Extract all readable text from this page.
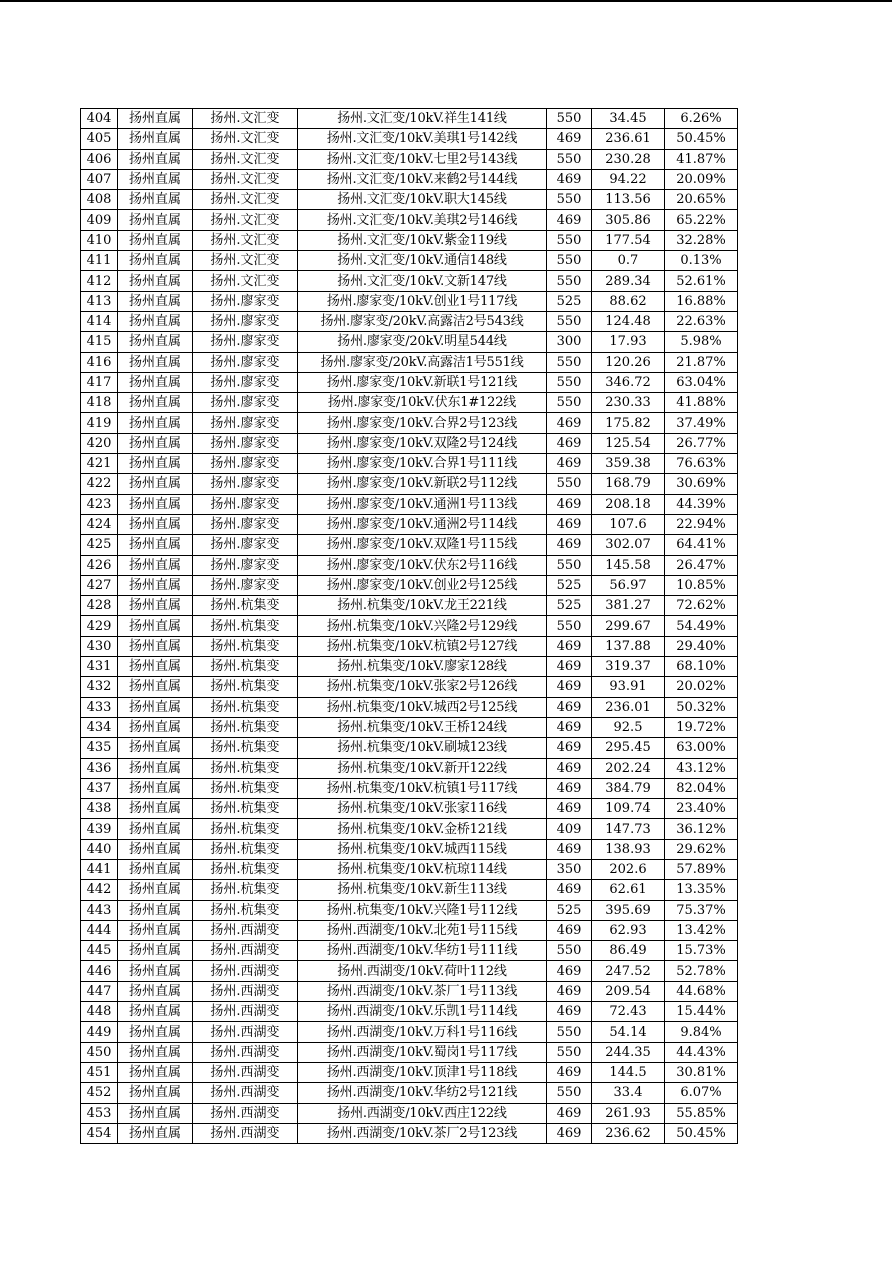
404	扬州直属	扬州.文汇变	扬州.文汇变/10kV.祥生141线	550	34.45	6.26%
405	扬州直属	扬州.文汇变	扬州.文汇变/10kV.美琪1号142线	469	236.61	50.45%
406	扬州直属	扬州.文汇变	扬州.文汇变/10kV.七里2号143线	550	230.28	41.87%
407	扬州直属	扬州.文汇变	扬州.文汇变/10kV.来鹤2号144线	469	94.22	20.09%
408	扬州直属	扬州.文汇变	扬州.文汇变/10kV.职大145线	550	113.56	20.65%
409	扬州直属	扬州.文汇变	扬州.文汇变/10kV.美琪2号146线	469	305.86	65.22%
410	扬州直属	扬州.文汇变	扬州.文汇变/10kV.紫金119线	550	177.54	32.28%
411	扬州直属	扬州.文汇变	扬州.文汇变/10kV.通信148线	550	0.7	0.13%
412	扬州直属	扬州.文汇变	扬州.文汇变/10kV.文新147线	550	289.34	52.61%
413	扬州直属	扬州.廖家变	扬州.廖家变/10kV.创业1号117线	525	88.62	16.88%
414	扬州直属	扬州.廖家变	扬州.廖家变/20kV.高露洁2号543线	550	124.48	22.63%
415	扬州直属	扬州.廖家变	扬州.廖家变/20kV.明星544线	300	17.93	5.98%
416	扬州直属	扬州.廖家变	扬州.廖家变/20kV.高露洁1号551线	550	120.26	21.87%
417	扬州直属	扬州.廖家变	扬州.廖家变/10kV.新联1号121线	550	346.72	63.04%
418	扬州直属	扬州.廖家变	扬州.廖家变/10kV.伏东1#122线	550	230.33	41.88%
419	扬州直属	扬州.廖家变	扬州.廖家变/10kV.合界2号123线	469	175.82	37.49%
420	扬州直属	扬州.廖家变	扬州.廖家变/10kV.双隆2号124线	469	125.54	26.77%
421	扬州直属	扬州.廖家变	扬州.廖家变/10kV.合界1号111线	469	359.38	76.63%
422	扬州直属	扬州.廖家变	扬州.廖家变/10kV.新联2号112线	550	168.79	30.69%
423	扬州直属	扬州.廖家变	扬州.廖家变/10kV.通洲1号113线	469	208.18	44.39%
424	扬州直属	扬州.廖家变	扬州.廖家变/10kV.通洲2号114线	469	107.6	22.94%
425	扬州直属	扬州.廖家变	扬州.廖家变/10kV.双隆1号115线	469	302.07	64.41%
426	扬州直属	扬州.廖家变	扬州.廖家变/10kV.伏东2号116线	550	145.58	26.47%
427	扬州直属	扬州.廖家变	扬州.廖家变/10kV.创业2号125线	525	56.97	10.85%
428	扬州直属	扬州.杭集变	扬州.杭集变/10kV.龙王221线	525	381.27	72.62%
429	扬州直属	扬州.杭集变	扬州.杭集变/10kV.兴隆2号129线	550	299.67	54.49%
430	扬州直属	扬州.杭集变	扬州.杭集变/10kV.杭镇2号127线	469	137.88	29.40%
431	扬州直属	扬州.杭集变	扬州.杭集变/10kV.廖家128线	469	319.37	68.10%
432	扬州直属	扬州.杭集变	扬州.杭集变/10kV.张家2号126线	469	93.91	20.02%
433	扬州直属	扬州.杭集变	扬州.杭集变/10kV.城西2号125线	469	236.01	50.32%
434	扬州直属	扬州.杭集变	扬州.杭集变/10kV.王桥124线	469	92.5	19.72%
435	扬州直属	扬州.杭集变	扬州.杭集变/10kV.刷城123线	469	295.45	63.00%
436	扬州直属	扬州.杭集变	扬州.杭集变/10kV.新开122线	469	202.24	43.12%
437	扬州直属	扬州.杭集变	扬州.杭集变/10kV.杭镇1号117线	469	384.79	82.04%
438	扬州直属	扬州.杭集变	扬州.杭集变/10kV.张家116线	469	109.74	23.40%
439	扬州直属	扬州.杭集变	扬州.杭集变/10kV.金桥121线	409	147.73	36.12%
440	扬州直属	扬州.杭集变	扬州.杭集变/10kV.城西115线	469	138.93	29.62%
441	扬州直属	扬州.杭集变	扬州.杭集变/10kV.杭琼114线	350	202.6	57.89%
442	扬州直属	扬州.杭集变	扬州.杭集变/10kV.新生113线	469	62.61	13.35%
443	扬州直属	扬州.杭集变	扬州.杭集变/10kV.兴隆1号112线	525	395.69	75.37%
444	扬州直属	扬州.西湖变	扬州.西湖变/10kV.北苑1号115线	469	62.93	13.42%
445	扬州直属	扬州.西湖变	扬州.西湖变/10kV.华纺1号111线	550	86.49	15.73%
446	扬州直属	扬州.西湖变	扬州.西湖变/10kV.荷叶112线	469	247.52	52.78%
447	扬州直属	扬州.西湖变	扬州.西湖变/10kV.茶厂1号113线	469	209.54	44.68%
448	扬州直属	扬州.西湖变	扬州.西湖变/10kV.乐凯1号114线	469	72.43	15.44%
449	扬州直属	扬州.西湖变	扬州.西湖变/10kV.万科1号116线	550	54.14	9.84%
450	扬州直属	扬州.西湖变	扬州.西湖变/10kV.蜀岗1号117线	550	244.35	44.43%
451	扬州直属	扬州.西湖变	扬州.西湖变/10kV.顶津1号118线	469	144.5	30.81%
452	扬州直属	扬州.西湖变	扬州.西湖变/10kV.华纺2号121线	550	33.4	6.07%
453	扬州直属	扬州.西湖变	扬州.西湖变/10kV.西庄122线	469	261.93	55.85%
454	扬州直属	扬州.西湖变	扬州.西湖变/10kV.茶厂2号123线	469	236.62	50.45%
